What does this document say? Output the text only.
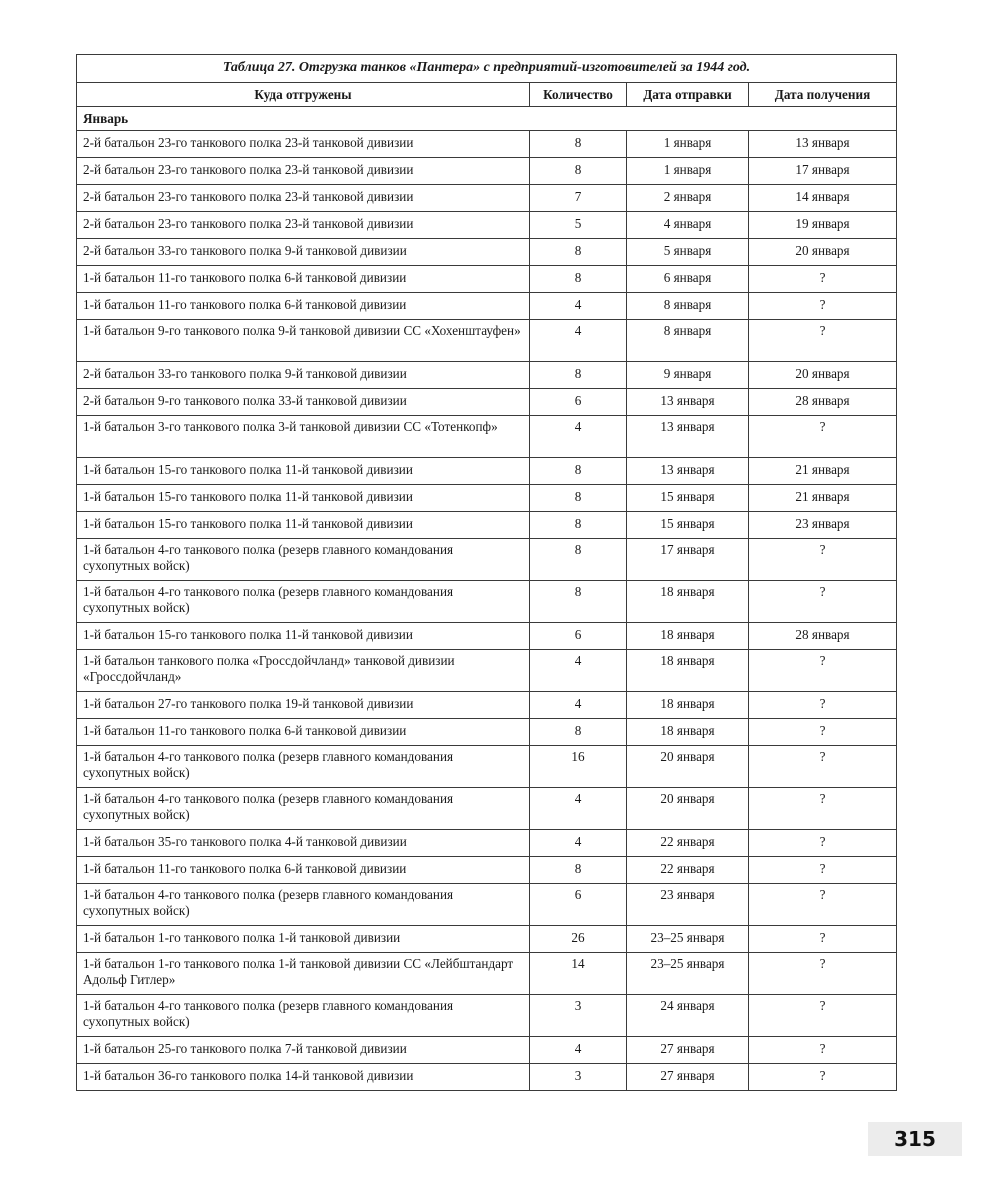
Таблица 27. Отгрузка танков «Пантера» с предприятий-изготовителей за 1944 год.			
Куда отгружены	Количество	Дата отправки	Дата получения
Январь			
2-й батальон 23-го танкового полка 23-й танковой дивизии	8	1 января	13 января
2-й батальон 23-го танкового полка 23-й танковой дивизии	8	1 января	17 января
2-й батальон 23-го танкового полка 23-й танковой дивизии	7	2 января	14 января
2-й батальон 23-го танкового полка 23-й танковой дивизии	5	4 января	19 января
2-й батальон 33-го танкового полка 9-й танковой дивизии	8	5 января	20 января
1-й батальон 11-го танкового полка 6-й танковой дивизии	8	6 января	?
1-й батальон 11-го танкового полка 6-й танковой дивизии	4	8 января	?
1-й батальон 9-го танкового полка 9-й танковой дивизии СС «Хохенштауфен»	4	8 января	?
2-й батальон 33-го танкового полка 9-й танковой дивизии	8	9 января	20 января
2-й батальон 9-го танкового полка 33-й танковой дивизии	6	13 января	28 января
1-й батальон 3-го танкового полка 3-й танковой дивизии СС «Тотенкопф»	4	13 января	?
1-й батальон 15-го танкового полка 11-й танковой дивизии	8	13 января	21 января
1-й батальон 15-го танкового полка 11-й танковой дивизии	8	15 января	21 января
1-й батальон 15-го танкового полка 11-й танковой дивизии	8	15 января	23 января
1-й батальон 4-го танкового полка (резерв главного командования сухопутных войск)	8	17 января	?
1-й батальон 4-го танкового полка (резерв главного командования сухопутных войск)	8	18 января	?
1-й батальон 15-го танкового полка 11-й танковой дивизии	6	18 января	28 января
1-й батальон танкового полка «Гроссдойчланд» танковой дивизии «Гроссдойчланд»	4	18 января	?
1-й батальон 27-го танкового полка 19-й танковой дивизии	4	18 января	?
1-й батальон 11-го танкового полка 6-й танковой дивизии	8	18 января	?
1-й батальон 4-го танкового полка (резерв главного командования сухопутных войск)	16	20 января	?
1-й батальон 4-го танкового полка (резерв главного командования сухопутных войск)	4	20 января	?
1-й батальон 35-го танкового полка 4-й танковой дивизии	4	22 января	?
1-й батальон 11-го танкового полка 6-й танковой дивизии	8	22 января	?
1-й батальон 4-го танкового полка (резерв главного командования сухопутных войск)	6	23 января	?
1-й батальон 1-го танкового полка 1-й танковой дивизии	26	23–25 января	?
1-й батальон 1-го танкового полка 1-й танковой дивизии СС «Лейбштандарт Адольф Гитлер»	14	23–25 января	?
1-й батальон 4-го танкового полка (резерв главного командования сухопутных войск)	3	24 января	?
1-й батальон 25-го танкового полка 7-й танковой дивизии	4	27 января	?
1-й батальон 36-го танкового полка 14-й танковой дивизии	3	27 января	?
315
